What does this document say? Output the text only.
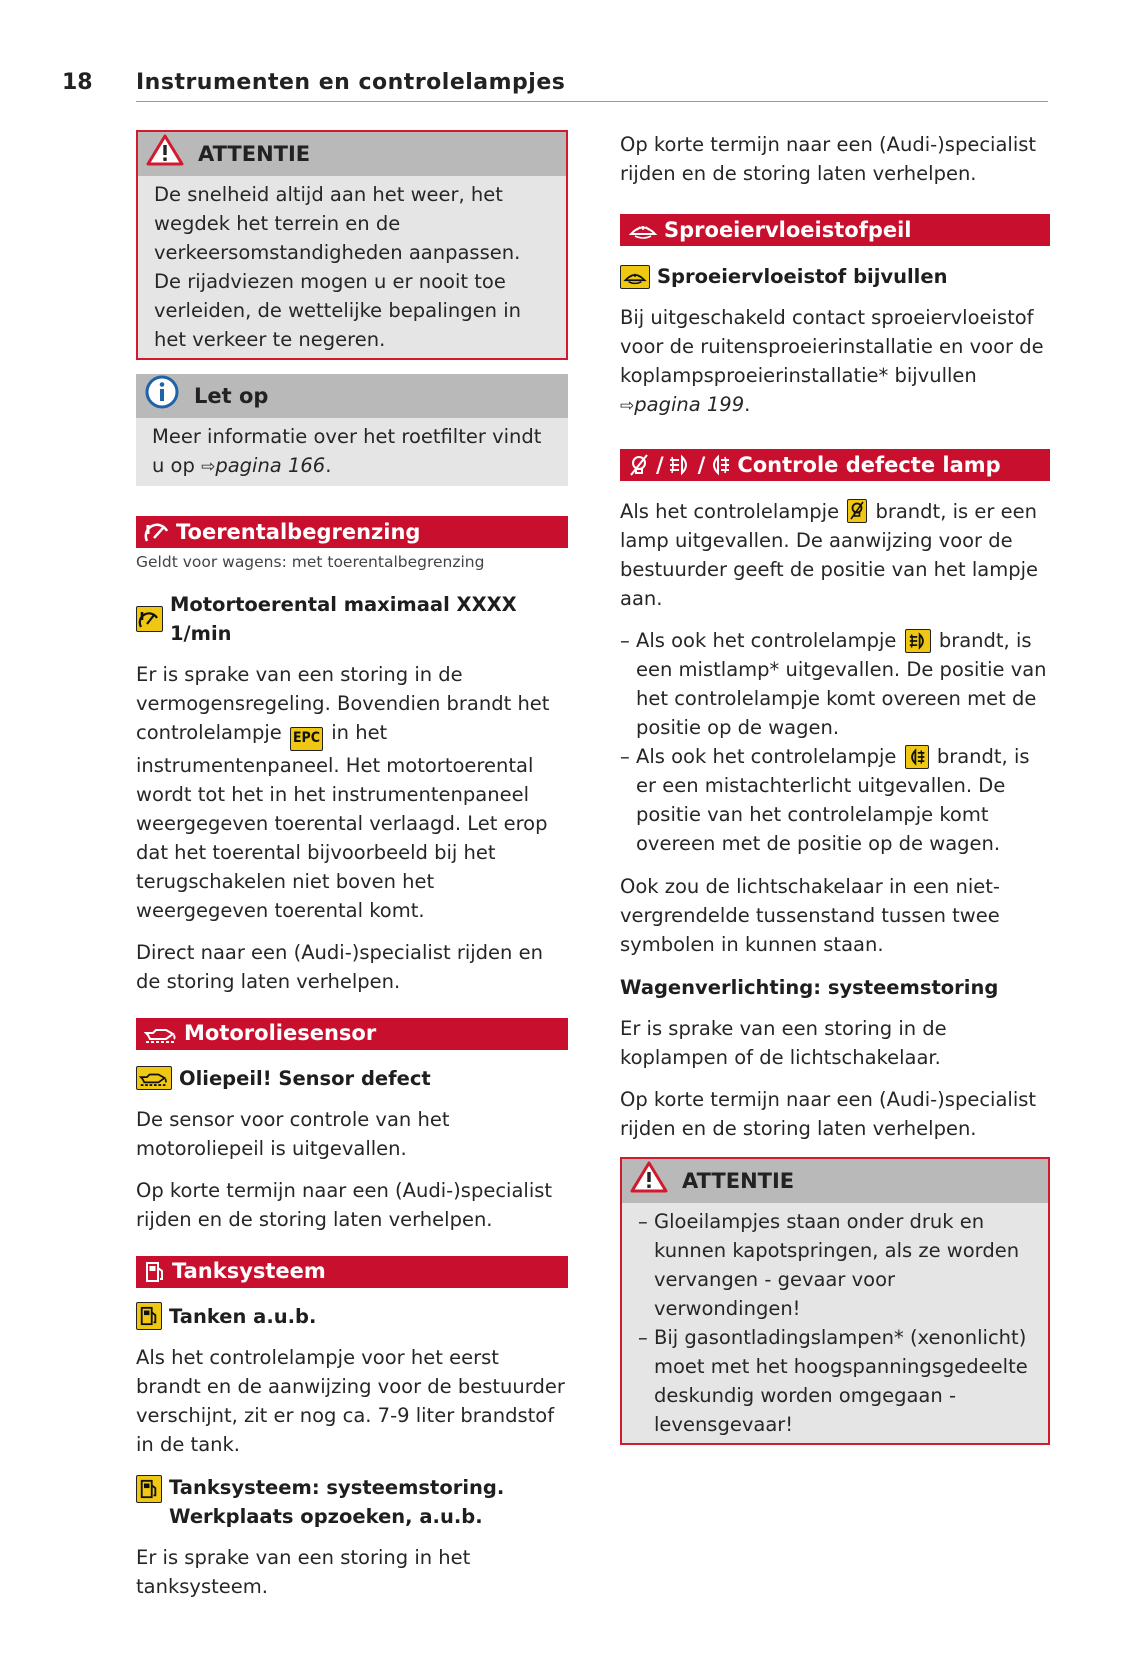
18 Instrumenten en controlelampjes
ATTENTIE
De snelheid altijd aan het weer, het wegdek het terrein en de verkeersomstandigheden aanpassen. De rijadviezen mogen u er nooit toe verleiden, de wettelijke bepalingen in het verkeer te negeren.
Let op
Meer informatie over het roetfilter vindt u op ⇨pagina 166.
Toerentalbegrenzing
Geldt voor wagens: met toerentalbegrenzing
Motortoerental maximaal XXXX 1/min

Er is sprake van een storing in de vermogensregeling. Bovendien brandt het controlelampje EPC in het instrumentenpaneel. Het motortoerental wordt tot het in het instrumentenpaneel weergegeven toerental verlaagd. Let erop dat het toerental bijvoorbeeld bij het terugschakelen niet boven het weergegeven toerental komt.

Direct naar een (Audi-)specialist rijden en de storing laten verhelpen.

Motoroliesensor
Oliepeil! Sensor defect

De sensor voor controle van het motoroliepeil is uitgevallen.

Op korte termijn naar een (Audi-)specialist rijden en de storing laten verhelpen.

Tanksysteem
Tanken a.u.b.

Als het controlelampje voor het eerst brandt en de aanwijzing voor de bestuurder verschijnt, zit er nog ca. 7-9 liter brandstof in de tank.

Tanksysteem: systeemstoring. Werkplaats opzoeken, a.u.b.

Er is sprake van een storing in het tanksysteem.

Op korte termijn naar een (Audi-)specialist rijden en de storing laten verhelpen.

Sproeiervloeistofpeil
Sproeiervloeistof bijvullen

Bij uitgeschakeld contact sproeiervloeistof voor de ruitensproeierinstallatie en voor de koplampsproeierinstallatie* bijvullen ⇨pagina 199.

/ / Controle defecte lamp

Als het controlelampje
brandt, is er een lamp uitgevallen. De aanwijzing voor de bestuurder geeft de positie van het lampje aan.

– Als ook het controlelampje
brandt, is een mistlamp* uitgevallen. De positie van het controlelampje komt overeen met de positie op de wagen.
– Als ook het controlelampje
brandt, is er een mistachterlicht uitgevallen. De positie van het controlelampje komt overeen met de positie op de wagen.

Ook zou de lichtschakelaar in een niet-vergrendelde tussenstand tussen twee symbolen in kunnen staan.

Wagenverlichting: systeemstoring

Er is sprake van een storing in de koplampen of de lichtschakelaar.

Op korte termijn naar een (Audi-)specialist rijden en de storing laten verhelpen.

ATTENTIE
– Gloeilampjes staan onder druk en kunnen kapotspringen, als ze worden vervangen - gevaar voor verwondingen!
– Bij gasontladingslampen* (xenonlicht) moet met het hoogspanningsgedeelte deskundig worden omgegaan - levensgevaar!
